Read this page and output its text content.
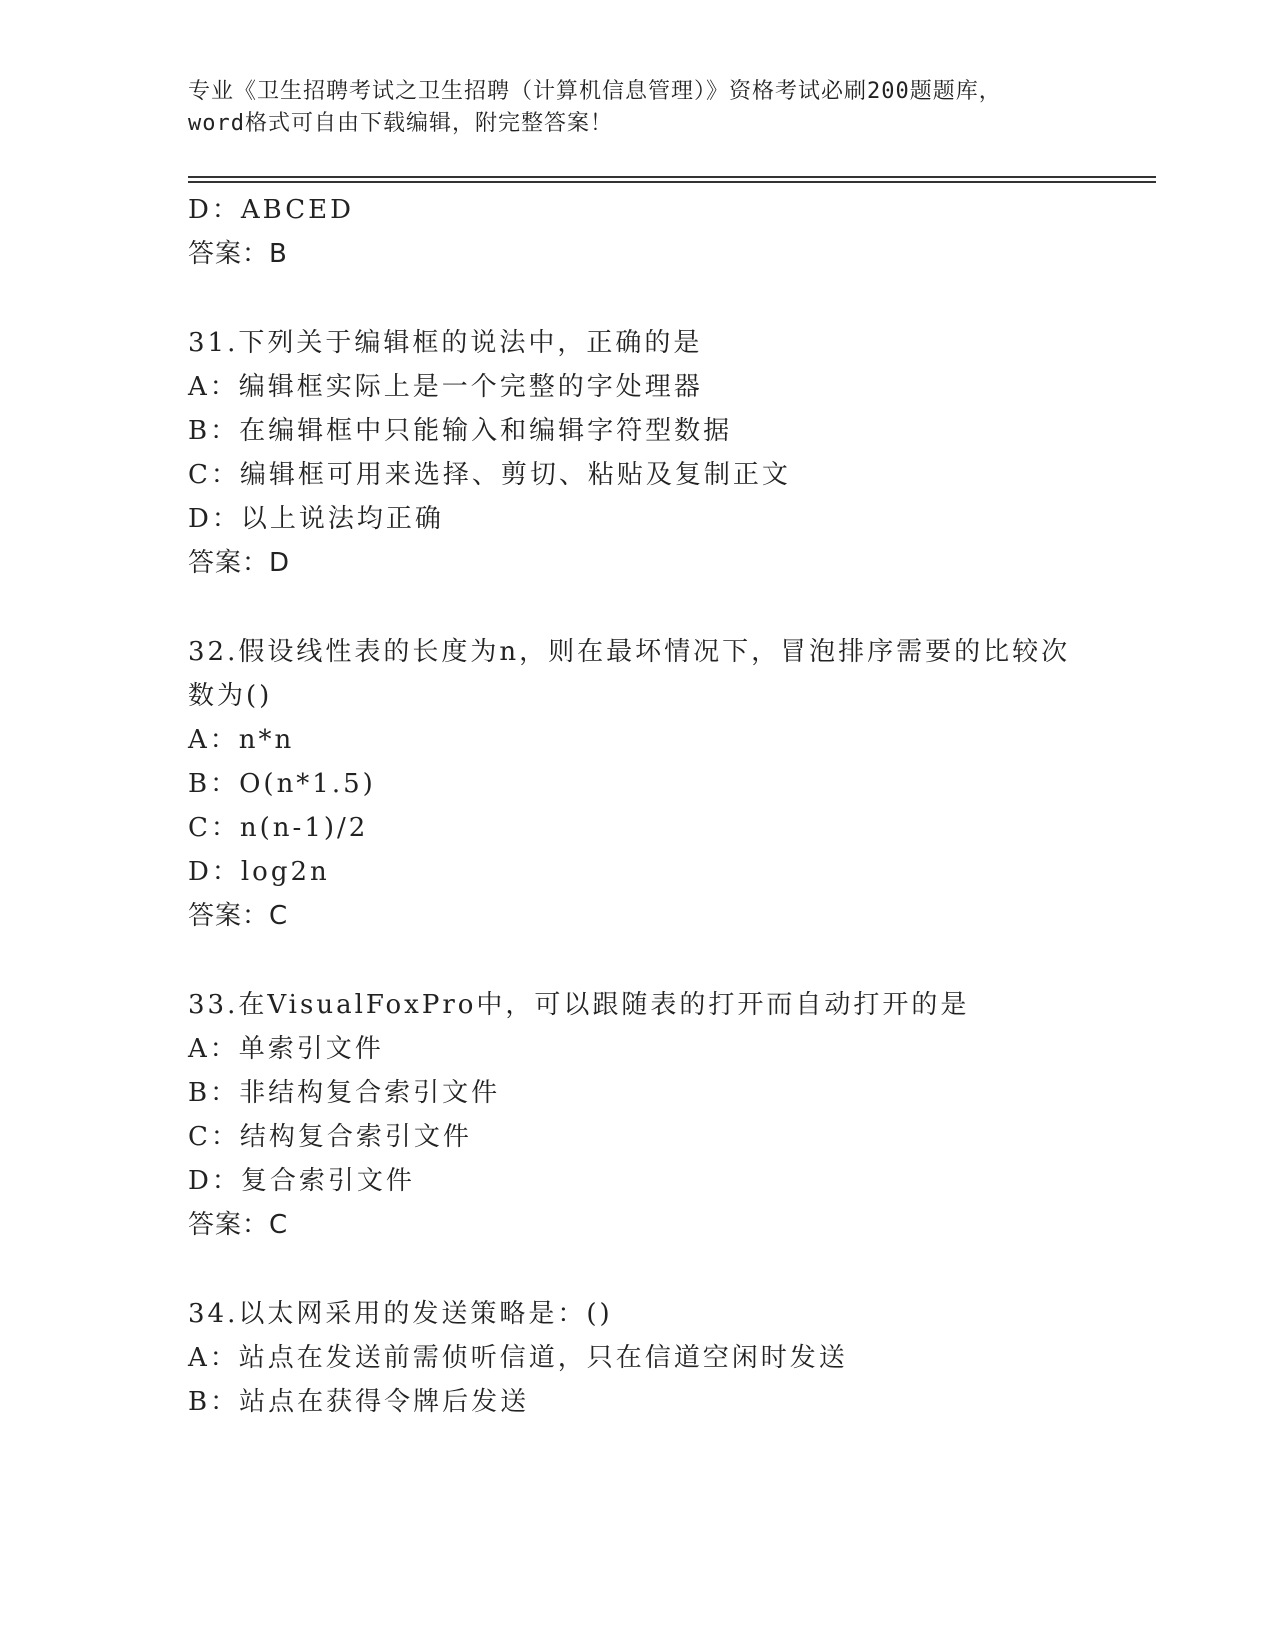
专业《卫生招聘考试之卫生招聘（计算机信息管理）》资格考试必刷200题题库，
word格式可自由下载编辑，附完整答案！
D：ABCED
答案：B
31.下列关于编辑框的说法中，正确的是
A：编辑框实际上是一个完整的字处理器
B：在编辑框中只能输入和编辑字符型数据
C：编辑框可用来选择、剪切、粘贴及复制正文
D：以上说法均正确
答案：D
32.假设线性表的长度为n，则在最坏情况下，冒泡排序需要的比较次
数为()
A：n*n
B：O(n*1.5)
C：n(n-1)/2
D：log2n
答案：C
33.在VisualFoxPro中，可以跟随表的打开而自动打开的是
A：单索引文件
B：非结构复合索引文件
C：结构复合索引文件
D：复合索引文件
答案：C
34.以太网采用的发送策略是：()
A：站点在发送前需侦听信道，只在信道空闲时发送
B：站点在获得令牌后发送
